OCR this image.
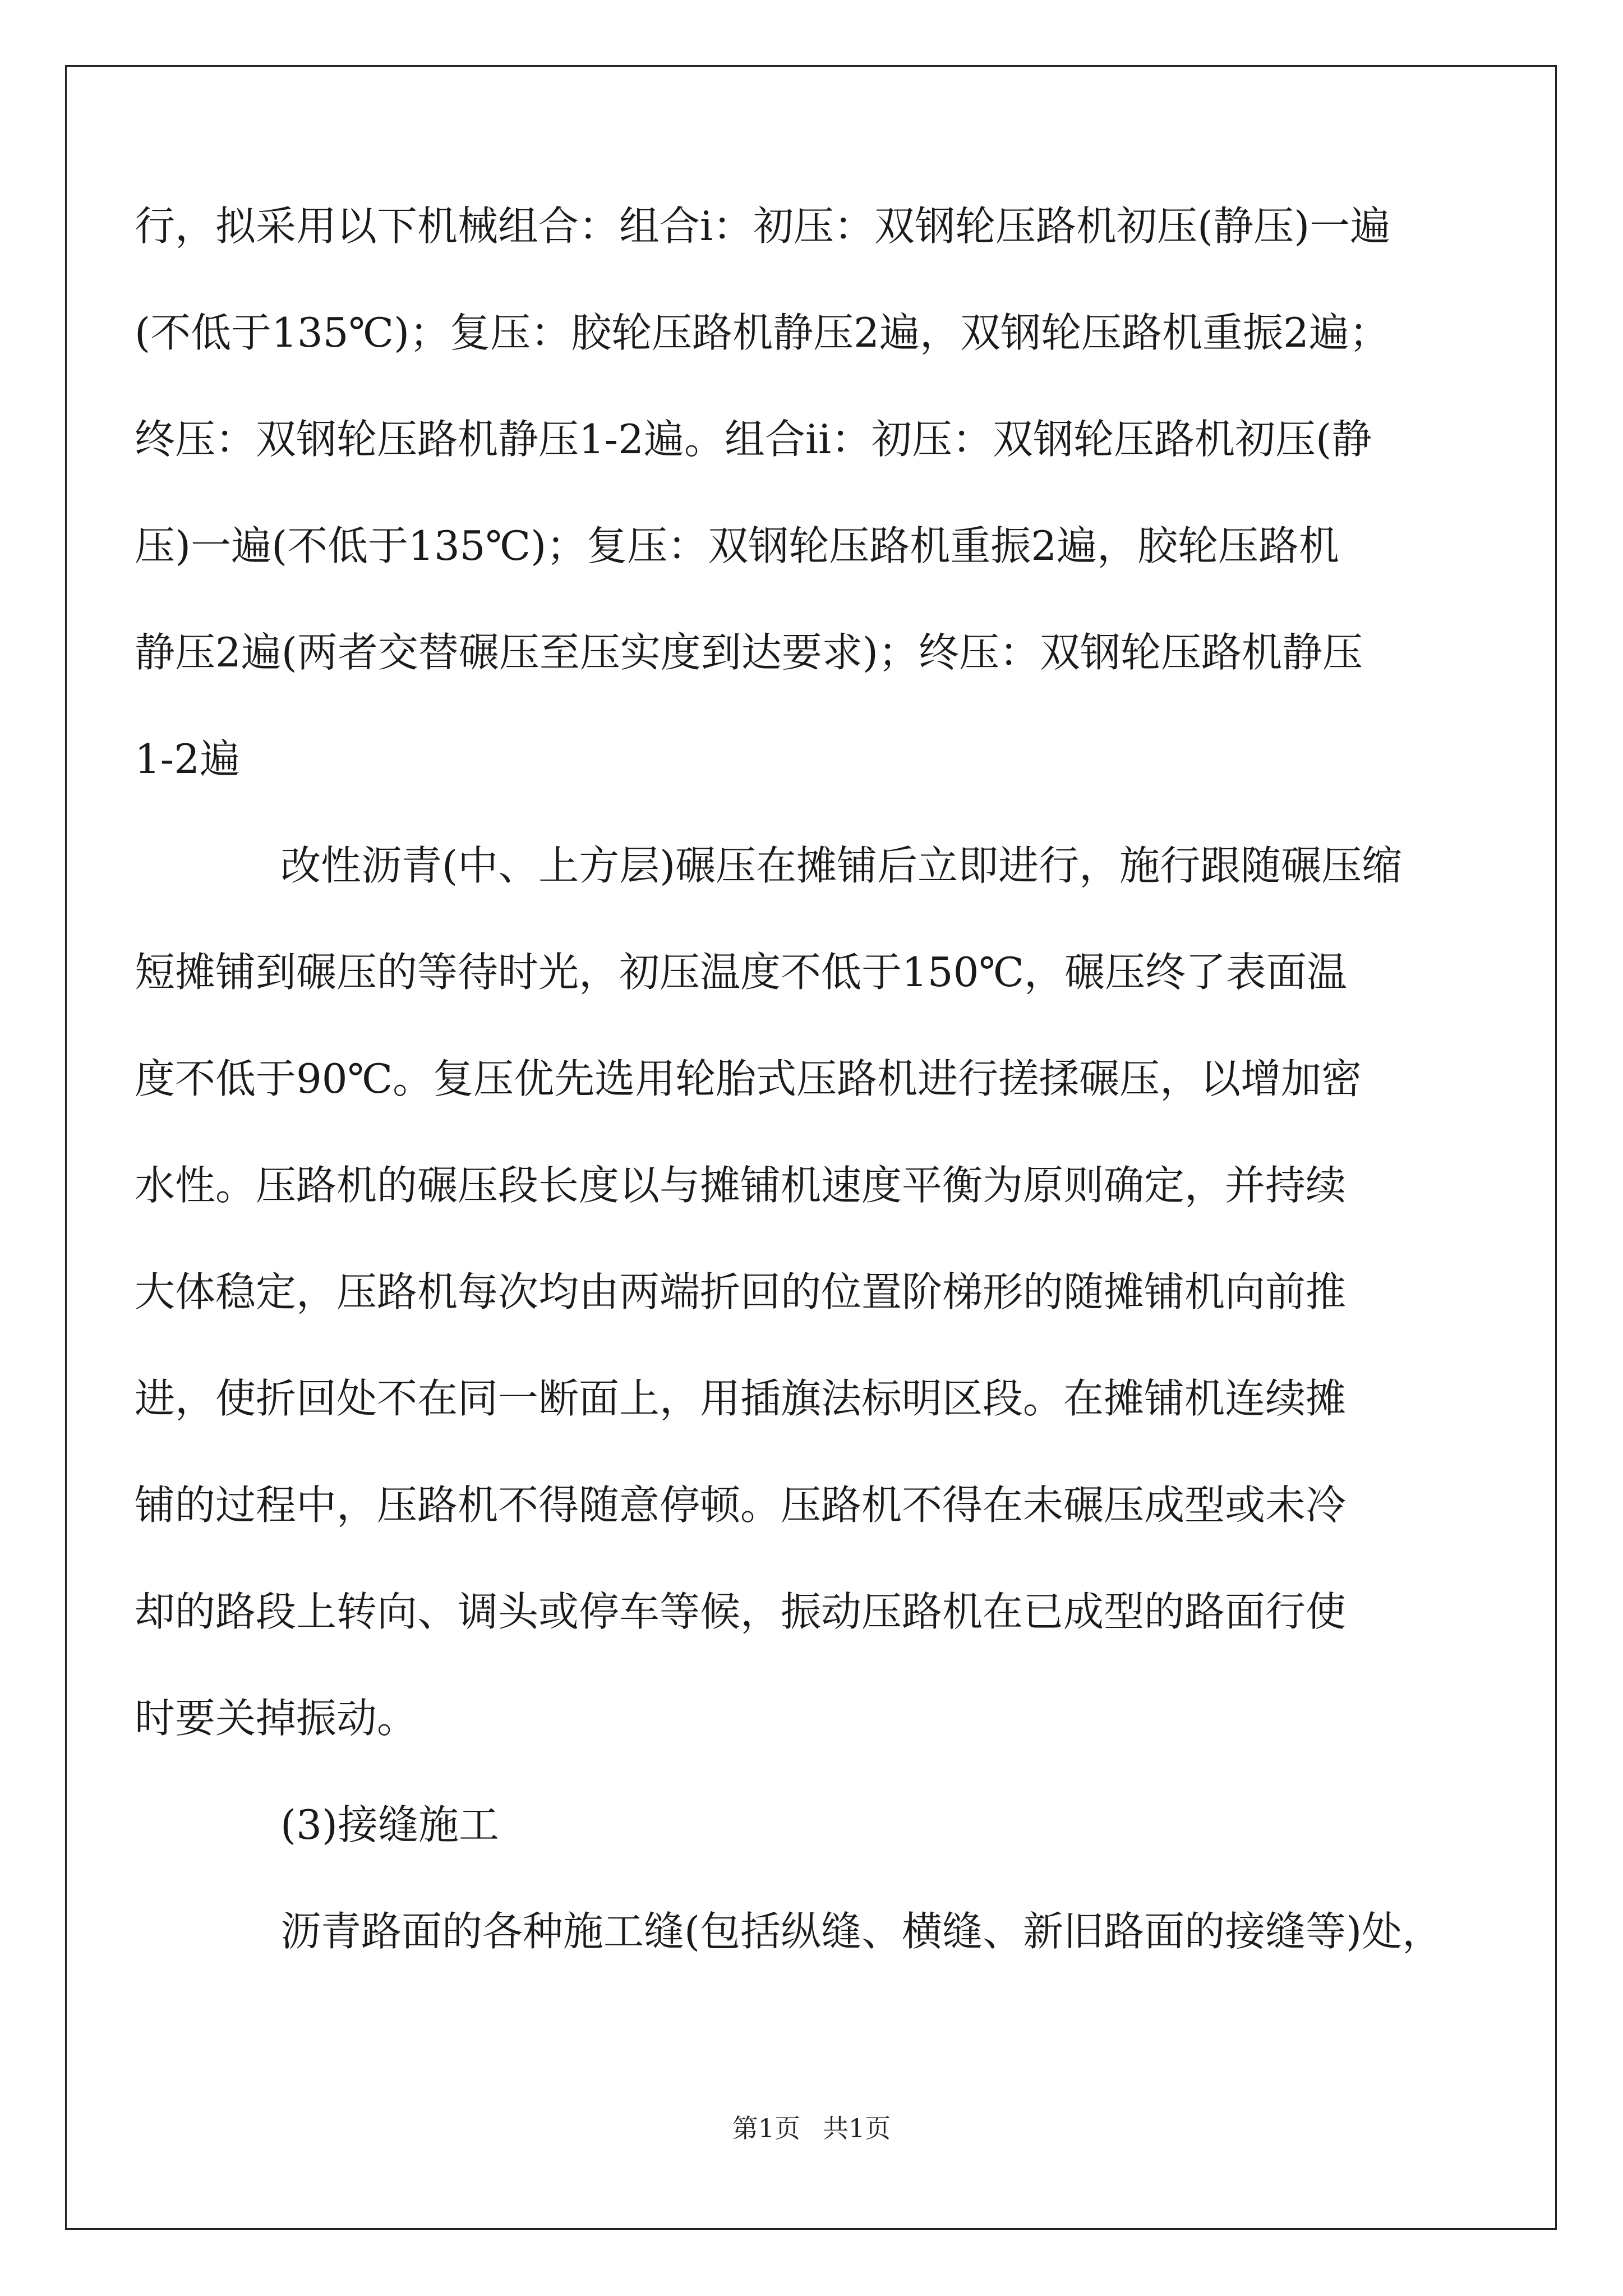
行，拟采用以下机械组合：组合ⅰ：初压：双钢轮压路机初压(静压)一遍
(不低于135℃)；复压：胶轮压路机静压2遍，双钢轮压路机重振2遍；
终压：双钢轮压路机静压1-2遍。组合ⅱ：初压：双钢轮压路机初压(静
压)一遍(不低于135℃)；复压：双钢轮压路机重振2遍，胶轮压路机
静压2遍(两者交替碾压至压实度到达要求)；终压：双钢轮压路机静压
1-2遍
改性沥青(中、上方层)碾压在摊铺后立即进行，施行跟随碾压缩
短摊铺到碾压的等待时光，初压温度不低于150℃，碾压终了表面温
度不低于90℃。复压优先选用轮胎式压路机进行搓揉碾压，以增加密
水性。压路机的碾压段长度以与摊铺机速度平衡为原则确定，并持续
大体稳定，压路机每次均由两端折回的位置阶梯形的随摊铺机向前推
进，使折回处不在同一断面上，用插旗法标明区段。在摊铺机连续摊
铺的过程中，压路机不得随意停顿。压路机不得在未碾压成型或未冷
却的路段上转向、调头或停车等候，振动压路机在已成型的路面行使
时要关掉振动。
(3)接缝施工
沥青路面的各种施工缝(包括纵缝、横缝、新旧路面的接缝等)处，
第1页 共1页
